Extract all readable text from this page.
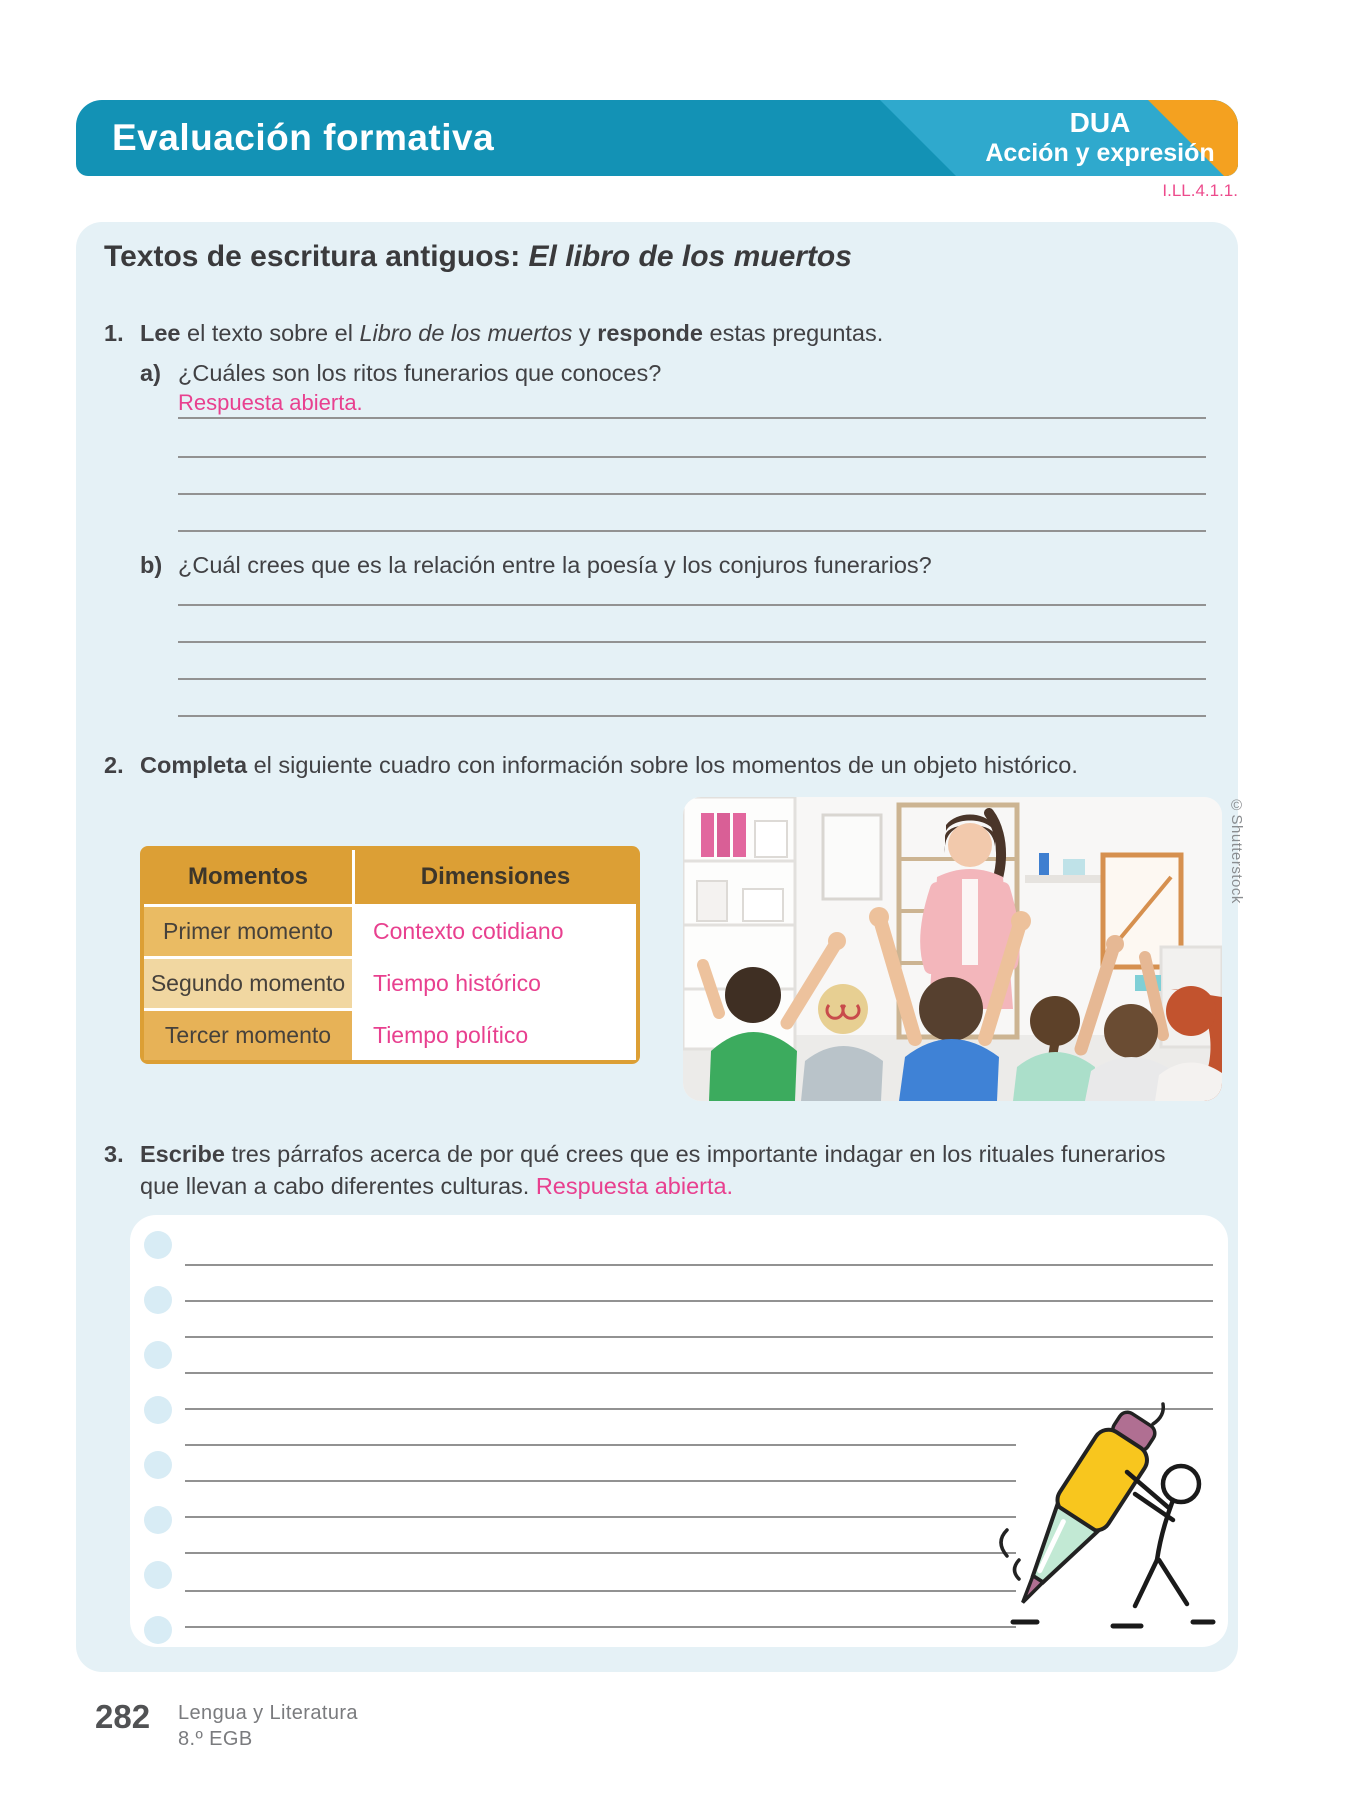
Evaluación formativa	DUA
Acción y expresión
I.LL.4.1.1.
Textos de escritura antiguos: El libro de los muertos
1. Lee el texto sobre el Libro de los muertos y responde estas preguntas.
a) ¿Cuáles son los ritos funerarios que conoces?
Respuesta abierta.
b) ¿Cuál crees que es la relación entre la poesía y los conjuros funerarios?
2. Completa el siguiente cuadro con información sobre los momentos de un objeto histórico.
Momentos	Dimensiones
Primer momento	Contexto cotidiano
Segundo momento	Tiempo histórico
Tercer momento	Tiempo político
©Shutterstock
3. Escribe tres párrafos acerca de por qué crees que es importante indagar en los rituales funerarios que llevan a cabo diferentes culturas. Respuesta abierta.
282 Lengua y Literatura
8.º EGB
